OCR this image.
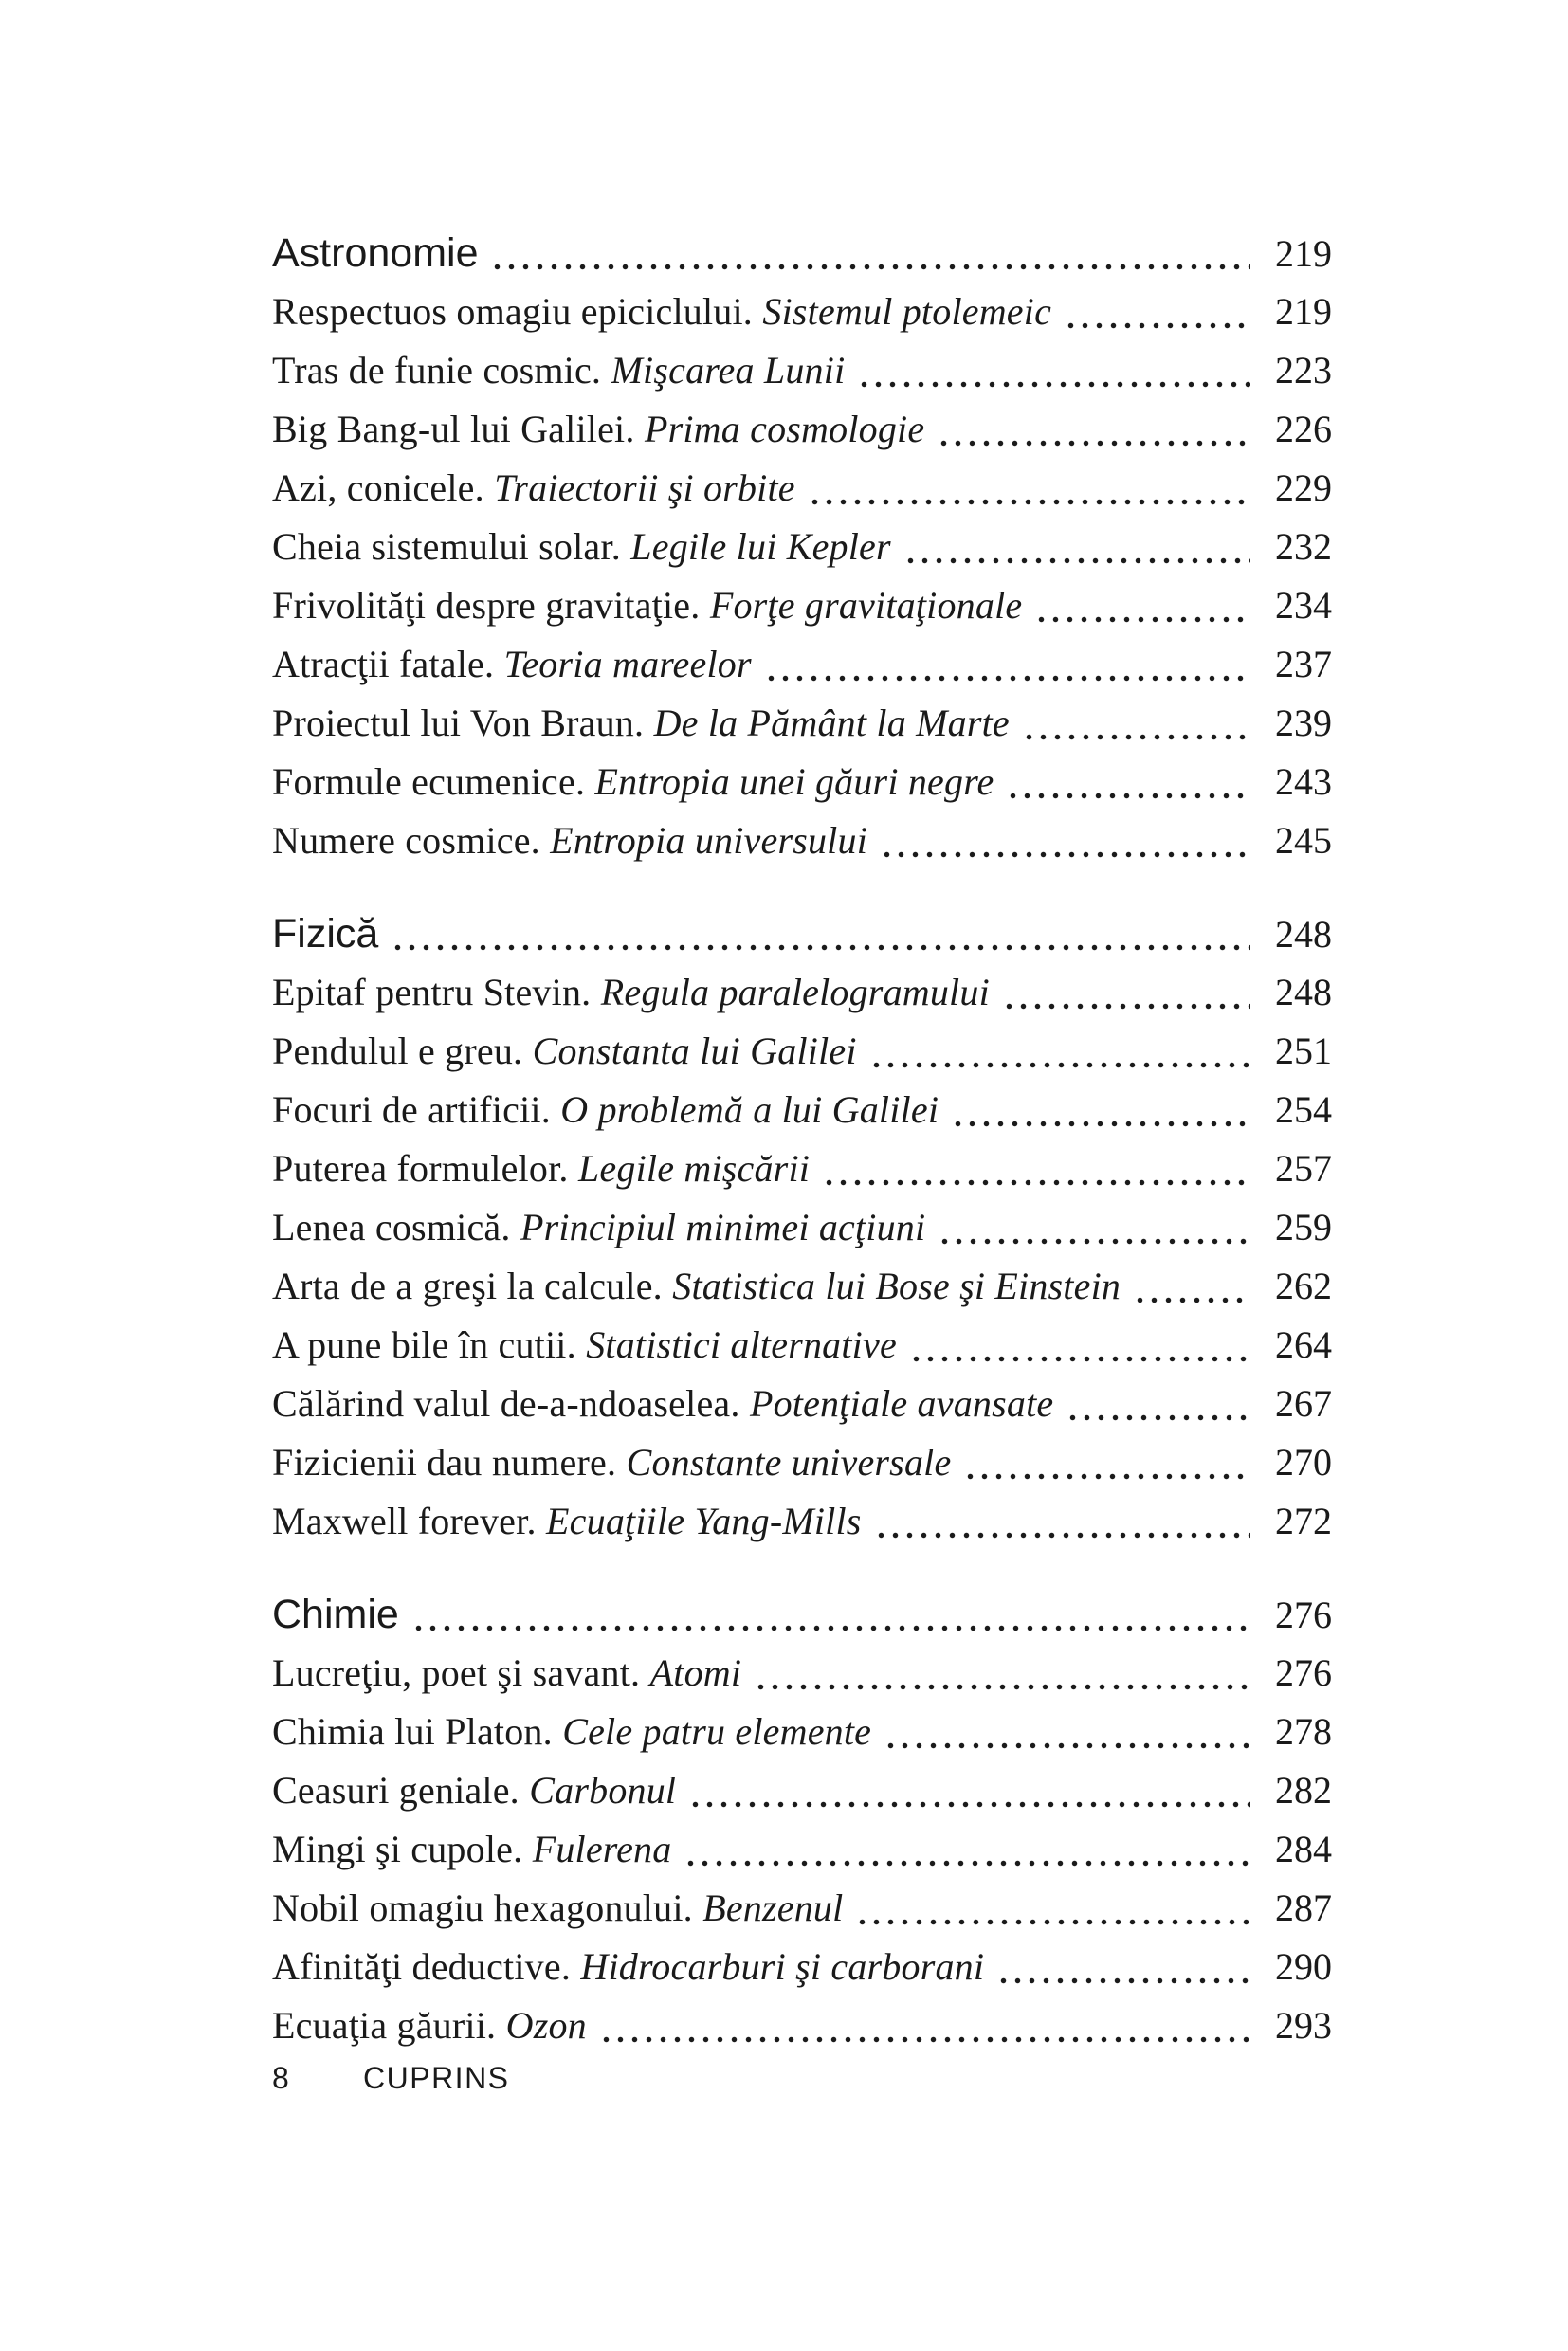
Astronomie	219
Respectuos omagiu epiciclului. Sistemul ptolemeic	219
Tras de funie cosmic. Mişcarea Lunii	223
Big Bang-ul lui Galilei. Prima cosmologie	226
Azi, conicele. Traiectorii şi orbite	229
Cheia sistemului solar. Legile lui Kepler	232
Frivolităţi despre gravitaţie. Forţe gravitaţionale	234
Atracţii fatale. Teoria mareelor	237
Proiectul lui Von Braun. De la Pământ la Marte	239
Formule ecumenice. Entropia unei găuri negre	243
Numere cosmice. Entropia universului	245
Fizică	248
Epitaf pentru Stevin. Regula paralelogramului	248
Pendulul e greu. Constanta lui Galilei	251
Focuri de artificii. O problemă a lui Galilei	254
Puterea formulelor. Legile mişcării	257
Lenea cosmică. Principiul minimei acţiuni	259
Arta de a greşi la calcule. Statistica lui Bose şi Einstein	262
A pune bile în cutii. Statistici alternative	264
Călărind valul de-a-ndoaselea. Potenţiale avansate	267
Fizicienii dau numere. Constante universale	270
Maxwell forever. Ecuaţiile Yang-Mills	272
Chimie	276
Lucreţiu, poet şi savant. Atomi	276
Chimia lui Platon. Cele patru elemente	278
Ceasuri geniale. Carbonul	282
Mingi şi cupole. Fulerena	284
Nobil omagiu hexagonului. Benzenul	287
Afinităţi deductive. Hidrocarburi şi carborani	290
Ecuaţia găurii. Ozon	293
8 CUPRINS
